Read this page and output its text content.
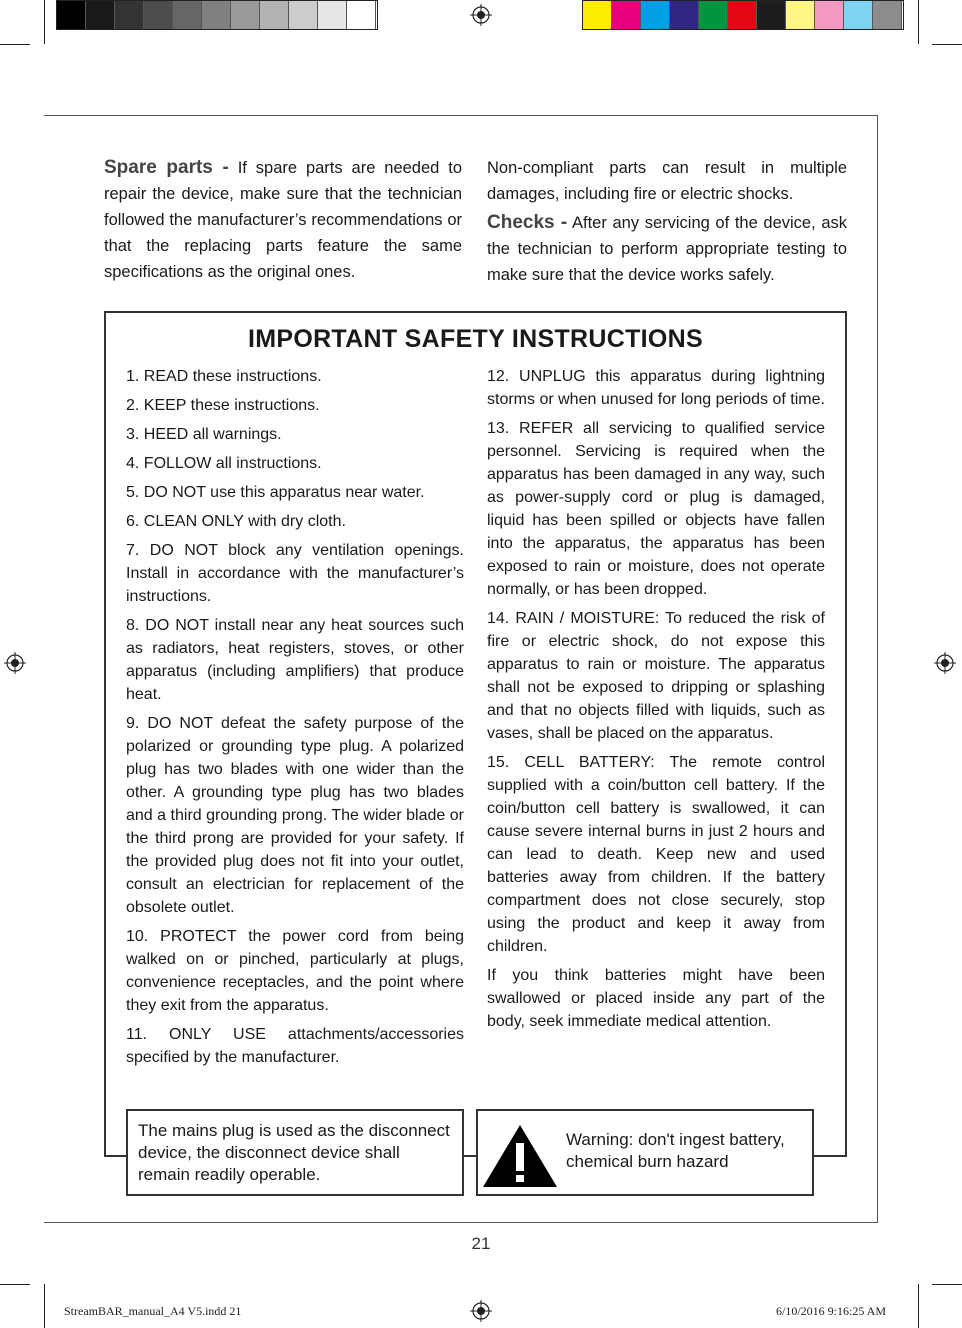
Spare parts - If spare parts are needed to repair the device, make sure that the technician followed the manufacturer’s recommendations or that the replacing parts feature the same specifications as the original ones.
Non-compliant parts can result in multiple damages, including fire or electric shocks.
Checks - After any servicing of the device, ask the technician to perform appropriate testing to make sure that the device works safely.
IMPORTANT SAFETY INSTRUCTIONS

1. READ these instructions.

2. KEEP these instructions.

3. HEED all warnings.

4. FOLLOW all instructions.

5. DO NOT use this apparatus near water.

6. CLEAN ONLY with dry cloth.

7. DO NOT block any ventilation openings. Install in accordance with the manufacturer’s instructions.

8. DO NOT install near any heat sources such as radiators, heat registers, stoves, or other apparatus (including amplifiers) that produce heat.

9. DO NOT defeat the safety purpose of the polarized or grounding type plug. A polarized plug has two blades with one wider than the other. A grounding type plug has two blades and a third grounding prong. The wider blade or the third prong are provided for your safety. If the provided plug does not fit into your outlet, consult an electrician for replacement of the obsolete outlet.

10. PROTECT the power cord from being walked on or pinched, particularly at plugs, convenience receptacles, and the point where they exit from the apparatus.

11. ONLY USE attachments/accessories specified by the manufacturer.

12. UNPLUG this apparatus during lightning storms or when unused for long periods of time.

13. REFER all servicing to qualified service personnel. Servicing is required when the apparatus has been damaged in any way, such as power-supply cord or plug is damaged, liquid has been spilled or objects have fallen into the apparatus, the apparatus has been exposed to rain or moisture, does not operate normally, or has been dropped.

14. RAIN / MOISTURE: To reduced the risk of fire or electric shock, do not expose this apparatus to rain or moisture. The apparatus shall not be exposed to dripping or splashing and that no objects filled with liquids, such as vases, shall be placed on the apparatus.

15. CELL BATTERY: The remote control supplied with a coin/button cell battery. If the coin/button cell battery is swallowed, it can cause severe internal burns in just 2 hours and can lead to death. Keep new and used batteries away from children. If the battery compartment does not close securely, stop using the product and keep it away from children.

If you think batteries might have been swallowed or placed inside any part of the body, seek immediate medical attention.

The mains plug is used as the disconnect device, the disconnect device shall remain readily operable.
Warning: don't ingest battery, chemical burn hazard
21
StreamBAR_manual_A4 V5.indd 21	6/10/2016 9:16:25 AM
